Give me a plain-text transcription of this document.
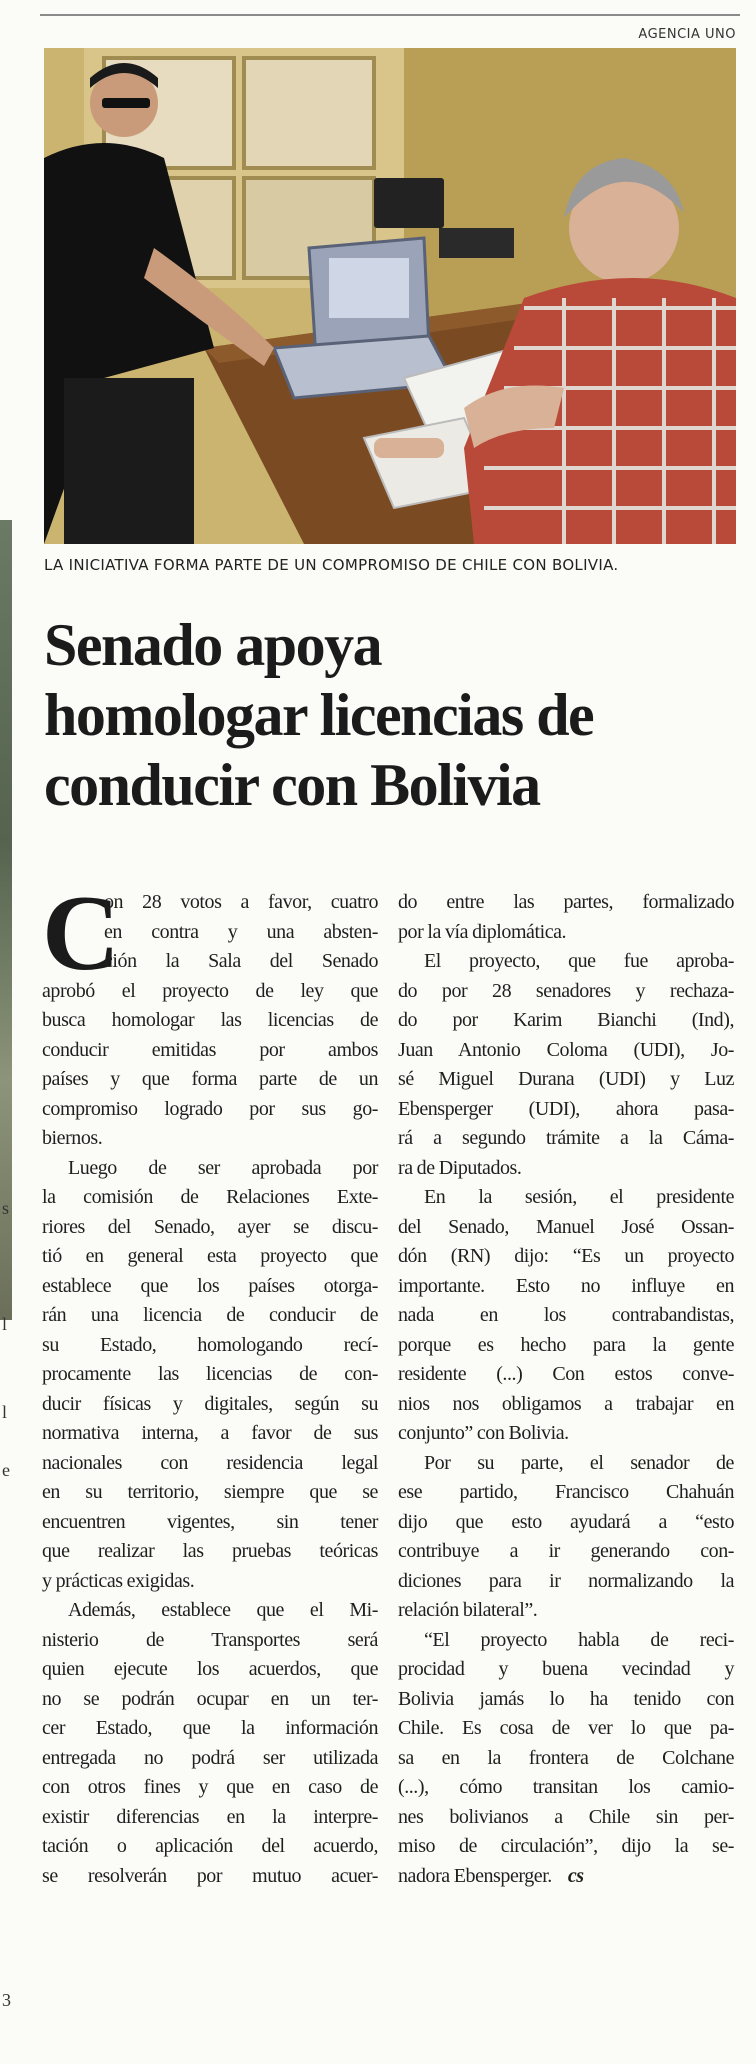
s
l
l
e
3
AGENCIA UNO
LA INICIATIVA FORMA PARTE DE UN COMPROMISO DE CHILE CON BOLIVIA.
Senado apoya
homologar licencias de
conducir con Bolivia
C
on 28 votos a favor, cuatro
en contra y una absten-
ción la Sala del Senado
aprobó el proyecto de ley que
busca homologar las licencias de
conducir emitidas por ambos
países y que forma parte de un
compromiso logrado por sus go-
biernos.
Luego de ser aprobada por
la comisión de Relaciones Exte-
riores del Senado, ayer se discu-
tió en general esta proyecto que
establece que los países otorga-
rán una licencia de conducir de
su Estado, homologando recí-
procamente las licencias de con-
ducir físicas y digitales, según su
normativa interna, a favor de sus
nacionales con residencia legal
en su territorio, siempre que se
encuentren vigentes, sin tener
que realizar las pruebas teóricas
y prácticas exigidas.
Además, establece que el Mi-
nisterio de Transportes será
quien ejecute los acuerdos, que
no se podrán ocupar en un ter-
cer Estado, que la información
entregada no podrá ser utilizada
con otros fines y que en caso de
existir diferencias en la interpre-
tación o aplicación del acuerdo,
se resolverán por mutuo acuer-
do entre las partes, formalizado
por la vía diplomática.
El proyecto, que fue aproba-
do por 28 senadores y rechaza-
do por Karim Bianchi (Ind),
Juan Antonio Coloma (UDI), Jo-
sé Miguel Durana (UDI) y Luz
Ebensperger (UDI), ahora pasa-
rá a segundo trámite a la Cáma-
ra de Diputados.
En la sesión, el presidente
del Senado, Manuel José Ossan-
dón (RN) dijo: “Es un proyecto
importante. Esto no influye en
nada en los contrabandistas,
porque es hecho para la gente
residente (...) Con estos conve-
nios nos obligamos a trabajar en
conjunto” con Bolivia.
Por su parte, el senador de
ese partido, Francisco Chahuán
dijo que esto ayudará a “esto
contribuye a ir generando con-
diciones para ir normalizando la
relación bilateral”.
“El proyecto habla de reci-
procidad y buena vecindad y
Bolivia jamás lo ha tenido con
Chile. Es cosa de ver lo que pa-
sa en la frontera de Colchane
(...), cómo transitan los camio-
nes bolivianos a Chile sin per-
miso de circulación”, dijo la se-
nadora Ebensperger. cs
